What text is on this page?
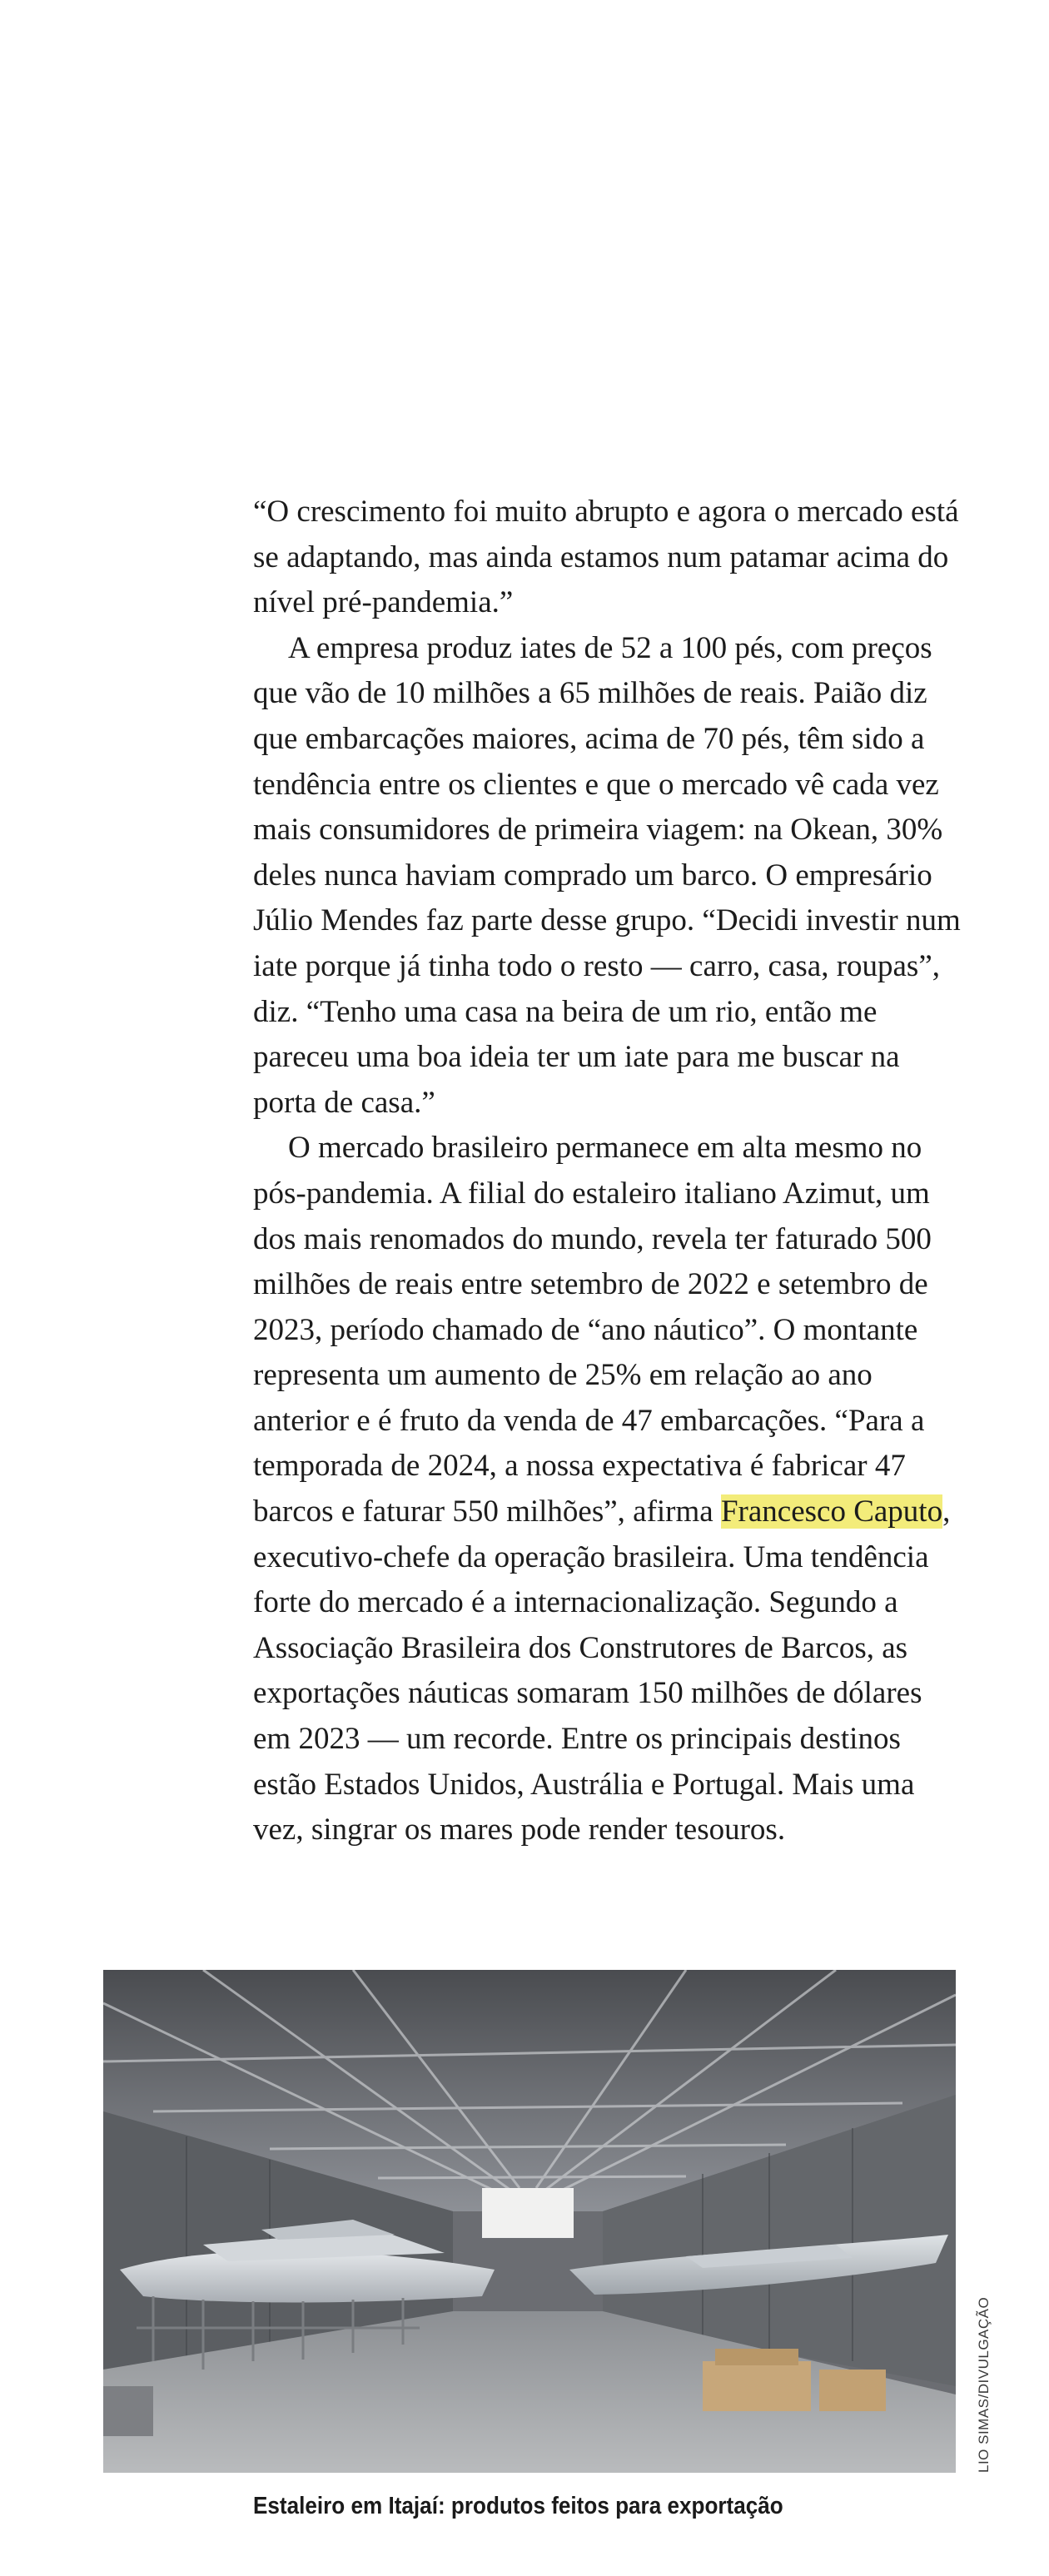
“O crescimento foi muito abrupto e agora o mercado está se adaptando, mas ainda estamos num patamar acima do nível pré-pandemia.”

A empresa produz iates de 52 a 100 pés, com preços que vão de 10 milhões a 65 milhões de reais. Paião diz que embarcações maiores, acima de 70 pés, têm sido a tendência entre os clientes e que o mercado vê cada vez mais consumidores de primeira viagem: na Okean, 30% deles nunca haviam comprado um barco. O empresário Júlio Mendes faz parte desse grupo. “Decidi investir num iate porque já tinha todo o resto — carro, casa, roupas”, diz. “Tenho uma casa na beira de um rio, então me pareceu uma boa ideia ter um iate para me buscar na porta de casa.”

O mercado brasileiro permanece em alta mesmo no pós-pandemia. A filial do estaleiro italiano Azimut, um dos mais renomados do mundo, revela ter faturado 500 milhões de reais entre setembro de 2022 e setembro de 2023, período chamado de “ano náutico”. O montante representa um aumento de 25% em relação ao ano anterior e é fruto da venda de 47 embarcações. “Para a temporada de 2024, a nossa expectativa é fabricar 47 barcos e faturar 550 milhões”, afirma Francesco Caputo, executivo-chefe da operação brasileira. Uma tendência forte do mercado é a internacionalização. Segundo a Associação Brasileira dos Construtores de Barcos, as exportações náuticas somaram 150 milhões de dólares em 2023 — um recorde. Entre os principais destinos estão Estados Unidos, Austrália e Portugal. Mais uma vez, singrar os mares pode render tesouros.

LIO SIMAS/DIVULGAÇÃO
Estaleiro em Itajaí: produtos feitos para exportação
